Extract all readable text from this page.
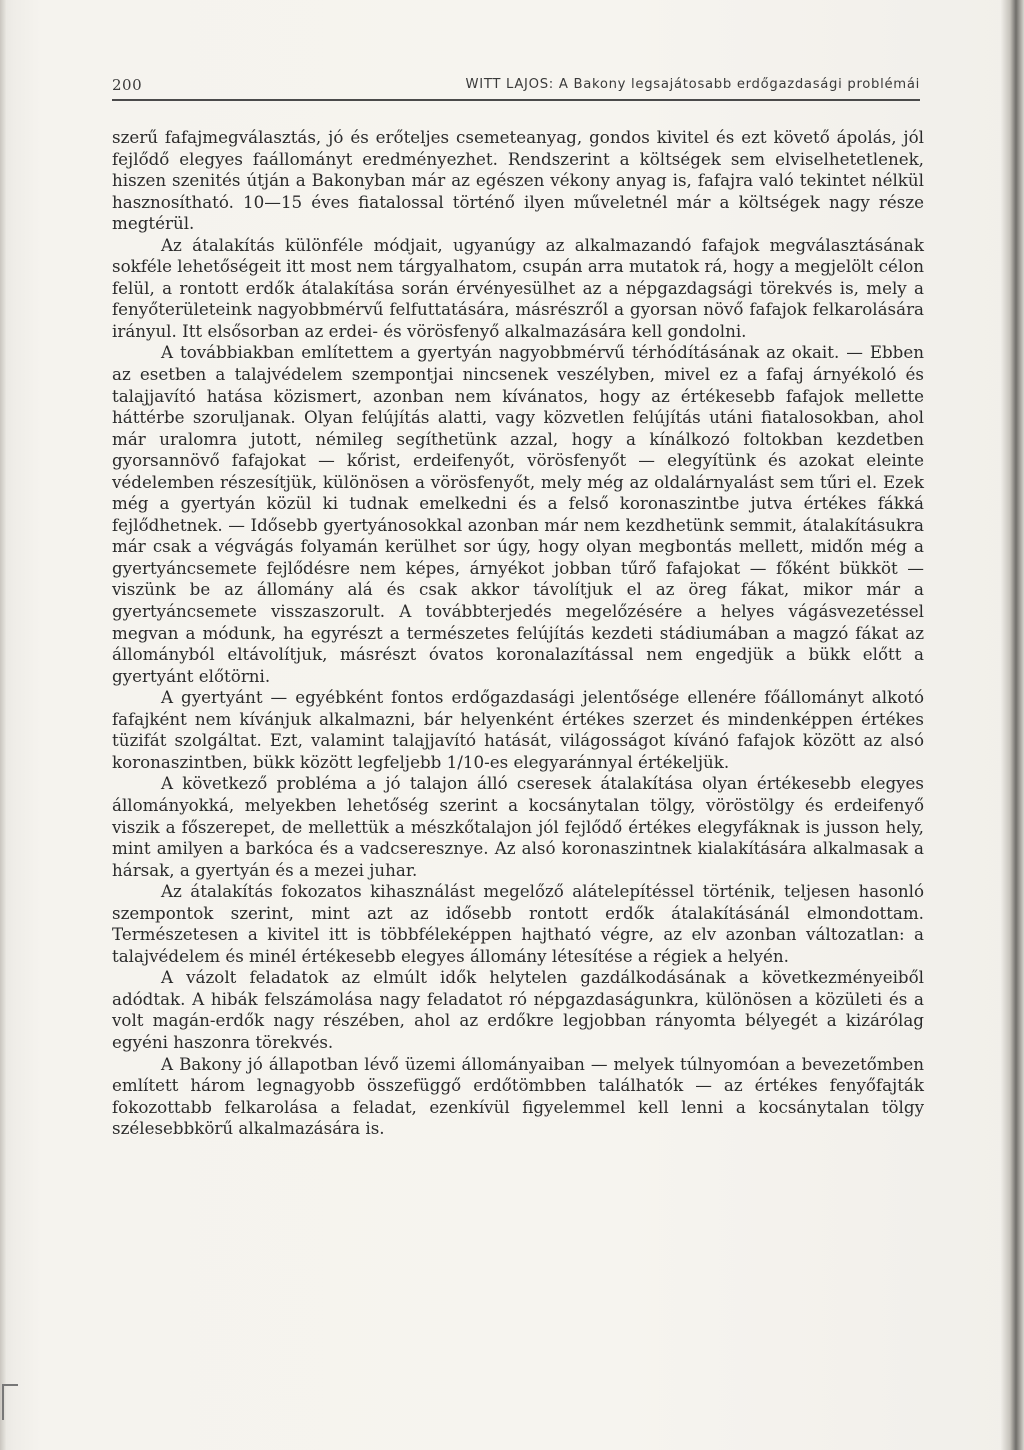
200	WITT LAJOS: A Bakony legsajátosabb erdőgazdasági problémái

szerű fafajmegválasztás, jó és erőteljes csemeteanyag, gondos kivitel és ezt követő ápolás, jól fejlődő elegyes faállományt eredményezhet. Rendszerint a költségek sem elviselhetetlenek, hiszen szenités útján a Bakonyban már az egészen vékony anyag is, fafajra való tekintet nélkül hasznosítható. 10—15 éves fiatalossal történő ilyen műveletnél már a költségek nagy része megtérül.

Az átalakítás különféle módjait, ugyanúgy az alkalmazandó fafajok megválasztásának sokféle lehetőségeit itt most nem tárgyalhatom, csupán arra mutatok rá, hogy a megjelölt célon felül, a rontott erdők átalakítása során érvényesülhet az a népgazdagsági törekvés is, mely a fenyőterületeink nagyobbmérvű felfuttatására, másrészről a gyorsan növő fafajok felkarolására irányul. Itt elsősorban az erdei- és vörösfenyő alkalmazására kell gondolni.

A továbbiakban említettem a gyertyán nagyobbmérvű térhódításának az okait. — Ebben az esetben a talajvédelem szempontjai nincsenek veszélyben, mivel ez a fafaj árnyékoló és talajjavító hatása közismert, azonban nem kívánatos, hogy az értékesebb fafajok mellette háttérbe szoruljanak. Olyan felújítás alatti, vagy közvetlen felújítás utáni fiatalosokban, ahol már uralomra jutott, némileg segíthetünk azzal, hogy a kínálkozó foltokban kezdetben gyorsannövő fafajokat — kőrist, erdeifenyőt, vörösfenyőt — elegyítünk és azokat eleinte védelemben részesítjük, különösen a vörösfenyőt, mely még az oldalárnyalást sem tűri el. Ezek még a gyertyán közül ki tudnak emelkedni és a felső koronaszintbe jutva értékes fákká fejlődhetnek. — Idősebb gyertyánosokkal azonban már nem kezdhetünk semmit, átalakításukra már csak a végvágás folyamán kerülhet sor úgy, hogy olyan megbontás mellett, midőn még a gyertyáncsemete fejlődésre nem képes, árnyékot jobban tűrő fafajokat — főként bükköt — viszünk be az állomány alá és csak akkor távolítjuk el az öreg fákat, mikor már a gyertyáncsemete visszaszorult. A továbbterjedés megelőzésére a helyes vágásvezetéssel megvan a módunk, ha egyrészt a természetes felújítás kezdeti stádiumában a magzó fákat az állományból eltávolítjuk, másrészt óvatos koronalazítással nem engedjük a bükk előtt a gyertyánt előtörni.

A gyertyánt — egyébként fontos erdőgazdasági jelentősége ellenére főállományt alkotó fafajként nem kívánjuk alkalmazni, bár helyenként értékes szerzet és mindenképpen értékes tüzifát szolgáltat. Ezt, valamint talajjavító hatását, világosságot kívánó fafajok között az alsó koronaszintben, bükk között legfeljebb 1/10-es elegyaránnyal értékeljük.

A következő probléma a jó talajon álló cseresek átalakítása olyan értékesebb elegyes állományokká, melyekben lehetőség szerint a kocsánytalan tölgy, vöröstölgy és erdeifenyő viszik a főszerepet, de mellettük a mészkőtalajon jól fejlődő értékes elegyfáknak is jusson hely, mint amilyen a barkóca és a vadcseresznye. Az alsó koronaszintnek kialakítására alkalmasak a hársak, a gyertyán és a mezei juhar.

Az átalakítás fokozatos kihasználást megelőző alátelepítéssel történik, teljesen hasonló szempontok szerint, mint azt az idősebb rontott erdők átalakításánál elmondottam. Természetesen a kivitel itt is többféleképpen hajtható végre, az elv azonban változatlan: a talajvédelem és minél értékesebb elegyes állomány létesítése a régiek a helyén.

A vázolt feladatok az elmúlt idők helytelen gazdálkodásának a következményeiből adódtak. A hibák felszámolása nagy feladatot ró népgazdaságunkra, különösen a közületi és a volt magán-erdők nagy részében, ahol az erdőkre legjobban rányomta bélyegét a kizárólag egyéni haszonra törekvés.

A Bakony jó állapotban lévő üzemi állományaiban — melyek túlnyomóan a bevezetőmben említett három legnagyobb összefüggő erdőtömbben találhatók — az értékes fenyőfajták fokozottabb felkarolása a feladat, ezenkívül figyelemmel kell lenni a kocsánytalan tölgy szélesebbkörű alkalmazására is.
